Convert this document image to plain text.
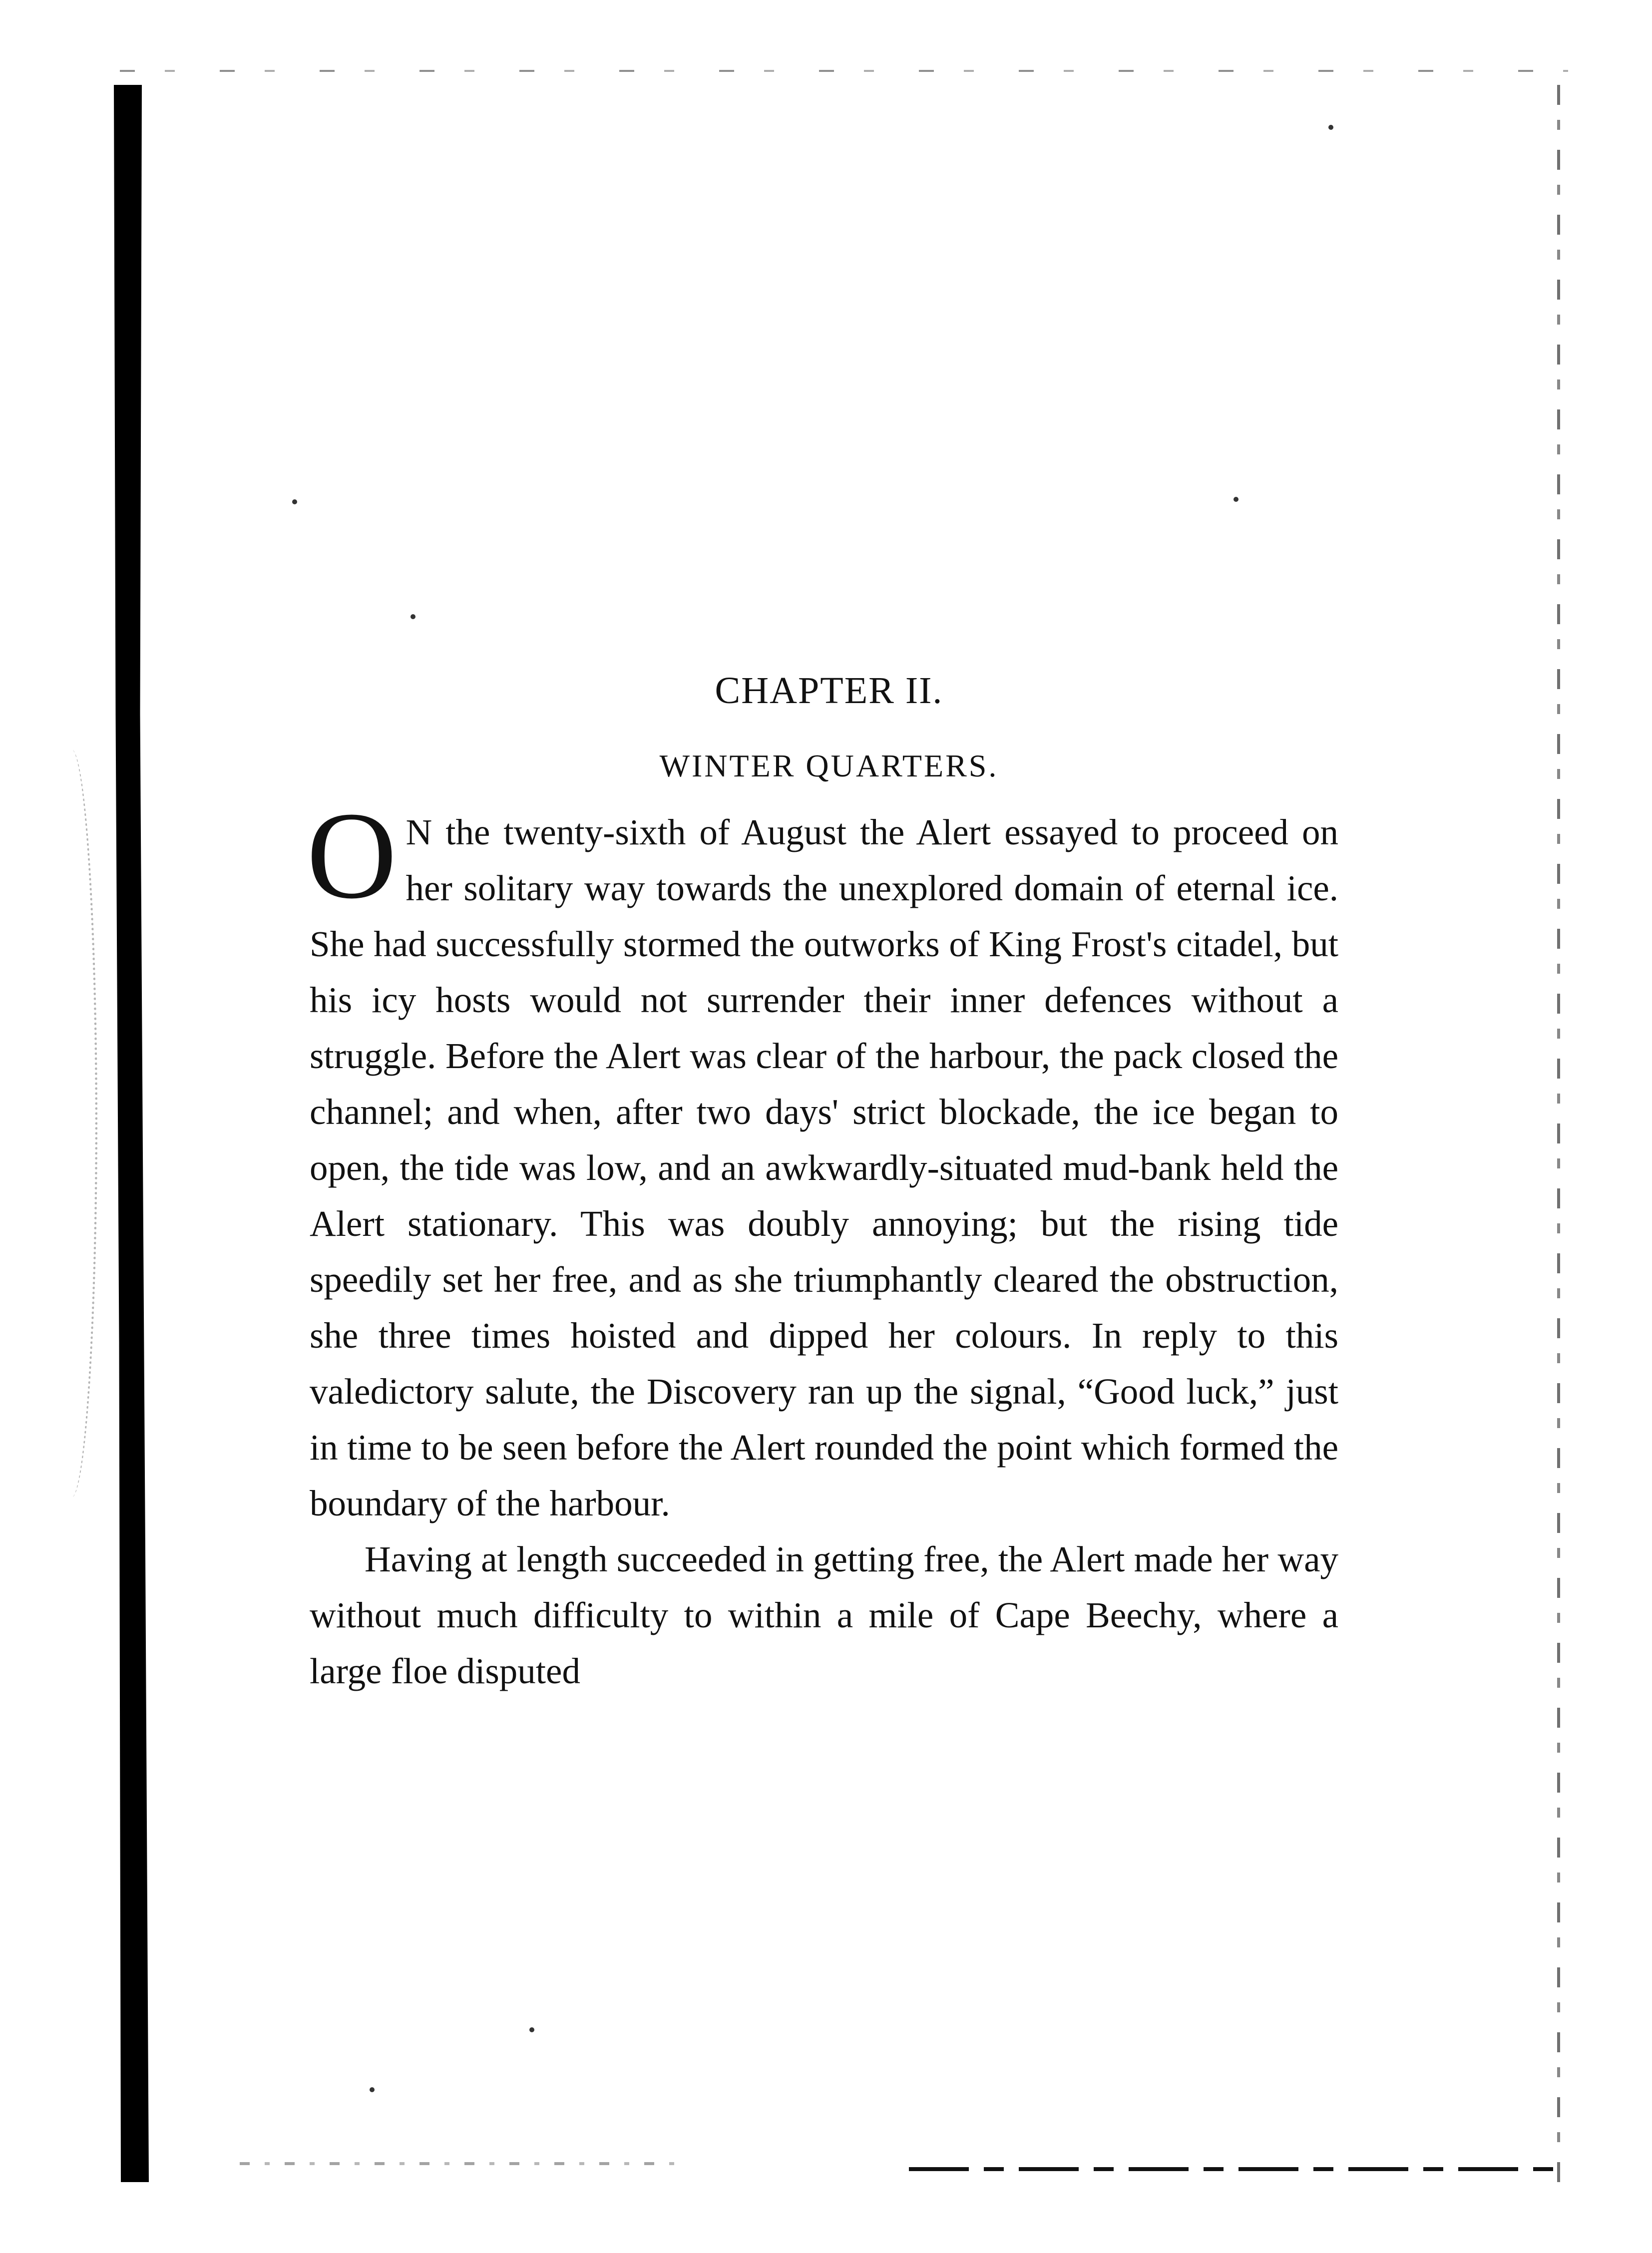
CHAPTER II.
WINTER QUARTERS.

O N the twenty-sixth of August the Alert essayed to proceed on her solitary way towards the unexplored domain of eternal ice. She had successfully stormed the outworks of King Frost's citadel, but his icy hosts would not surrender their inner defences without a struggle. Before the Alert was clear of the harbour, the pack closed the channel; and when, after two days' strict blockade, the ice began to open, the tide was low, and an awkwardly-situated mud-bank held the Alert stationary. This was doubly annoying; but the rising tide speedily set her free, and as she triumphantly cleared the obstruction, she three times hoisted and dipped her colours. In reply to this valedictory salute, the Discovery ran up the signal, “Good luck,” just in time to be seen before the Alert rounded the point which formed the boundary of the harbour.

Having at length succeeded in getting free, the Alert made her way without much difficulty to within a mile of Cape Beechy, where a large floe disputed
